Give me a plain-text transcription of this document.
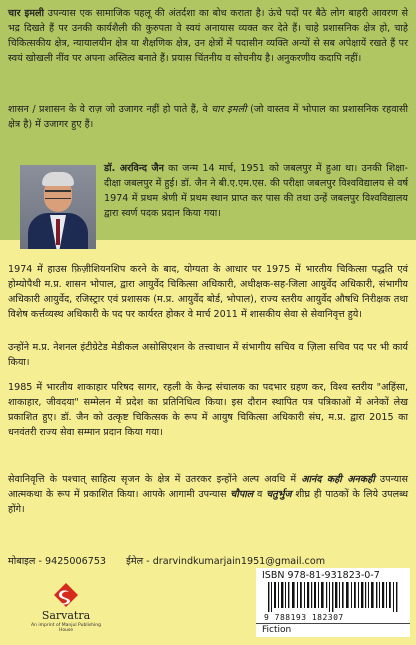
चार इमली उपन्यास एक सामाजिक पहलू की अंतर्दशा का बोध कराता है। ऊंचे पदों पर बैठे लोग बाहरी आवरण से भद्र दिखते हैं पर उनकी कार्यशैली की कुरुपता वे स्वयं अनायास व्यक्त कर देते हैं। चाहे प्रशासनिक क्षेत्र हो, चाहे चिकित्सकीय क्षेत्र, न्यायालयीन क्षेत्र या शैक्षणिक क्षेत्र, उन क्षेत्रों में पदासीन व्यक्ति अन्यों से सब अपेक्षायें रखते हैं पर स्वयं खोखली नींव पर अपना अस्तित्व बनाते हैं। प्रयास चिंतनीय व सोचनीय है। अनुकरणीय कदापि नहीं।

शासन / प्रशासन के वे राज़ जो उजागर नहीं हो पाते हैं, वे चार इमली (जो वास्तव में भोपाल का प्रशासनिक रहवासी क्षेत्र है) में उजागर हुए हैं।

डॉ. अरविन्द जैन का जन्म 14 मार्च, 1951 को जबलपुर में हुआ था। उनकी शिक्षा-दीक्षा जबलपुर में हुई। डॉ. जैन ने बी.ए.एम.एस. की परीक्षा जबलपुर विश्वविद्यालय से वर्ष 1974 में प्रथम श्रेणी में प्रथम स्थान प्राप्त कर पास की तथा उन्हें जबलपुर विश्वविद्यालय द्वारा स्वर्ण पदक प्रदान किया गया।

1974 में हाउस फ़िज़ीशियनशिप करने के बाद, योग्यता के आधार पर 1975 में भारतीय चिकित्सा पद्धति एवं होम्योपैथी म.प्र. शासन भोपाल, द्वारा आयुर्वेद चिकित्सा अधिकारी, अधीक्षक-सह-जिला आयुर्वेद अधिकारी, संभागीय अधिकारी आयुर्वेद, रजिस्ट्रार एवं प्रशासक (म.प्र. आयुर्वेद बोर्ड, भोपाल), राज्य स्तरीय आयुर्वेद औषधि निरीक्षक तथा विशेष कर्त्तव्यस्थ अधिकारी के पद पर कार्यरत होकर वे मार्च 2011 में शासकीय सेवा से सेवानिवृत्त हुये।

उन्होंने म.प्र. नेशनल इंटीग्रेटेड मेडीकल असोसिएशन के तत्त्वाधान में संभागीय सचिव व ज़िला सचिव पद पर भी कार्य किया।

1985 में भारतीय शाकाहार परिषद सागर, रहली के केन्द्र संचालक का पदभार ग्रहण कर, विश्व स्तरीय "अहिंसा, शाकाहार, जीवदया" सम्मेलन में प्रदेश का प्रतिनिधित्व किया। इस दौरान स्थापित पत्र पत्रिकाओं में अनेकों लेख प्रकाशित हुए। डॉ. जैन को उत्कृष्ट चिकित्सक के रूप में आयुष चिकित्सा अधिकारी संघ, म.प्र. द्वारा 2015 का धनवंतरी राज्य सेवा सम्मान प्रदान किया गया।

सेवानिवृत्ति के पश्चात् साहित्य सृजन के क्षेत्र में उतरकर इन्होंने अल्प अवधि में आनंद कही अनकही उपन्यास आत्मकथा के रूप में प्रकाशित किया। आपके आगामी उपन्यास चौपाल व चतुर्भुज शीघ्र ही पाठकों के लिये उपलब्ध होंगे।

मोबाइल - 9425006753 ईमेल - drarvindkumarjain1951@gmail.com
Sarvatra
An imprint of Manjul Publishing House
ISBN 978-81-931823-0-7
9 788193 182307
Fiction
